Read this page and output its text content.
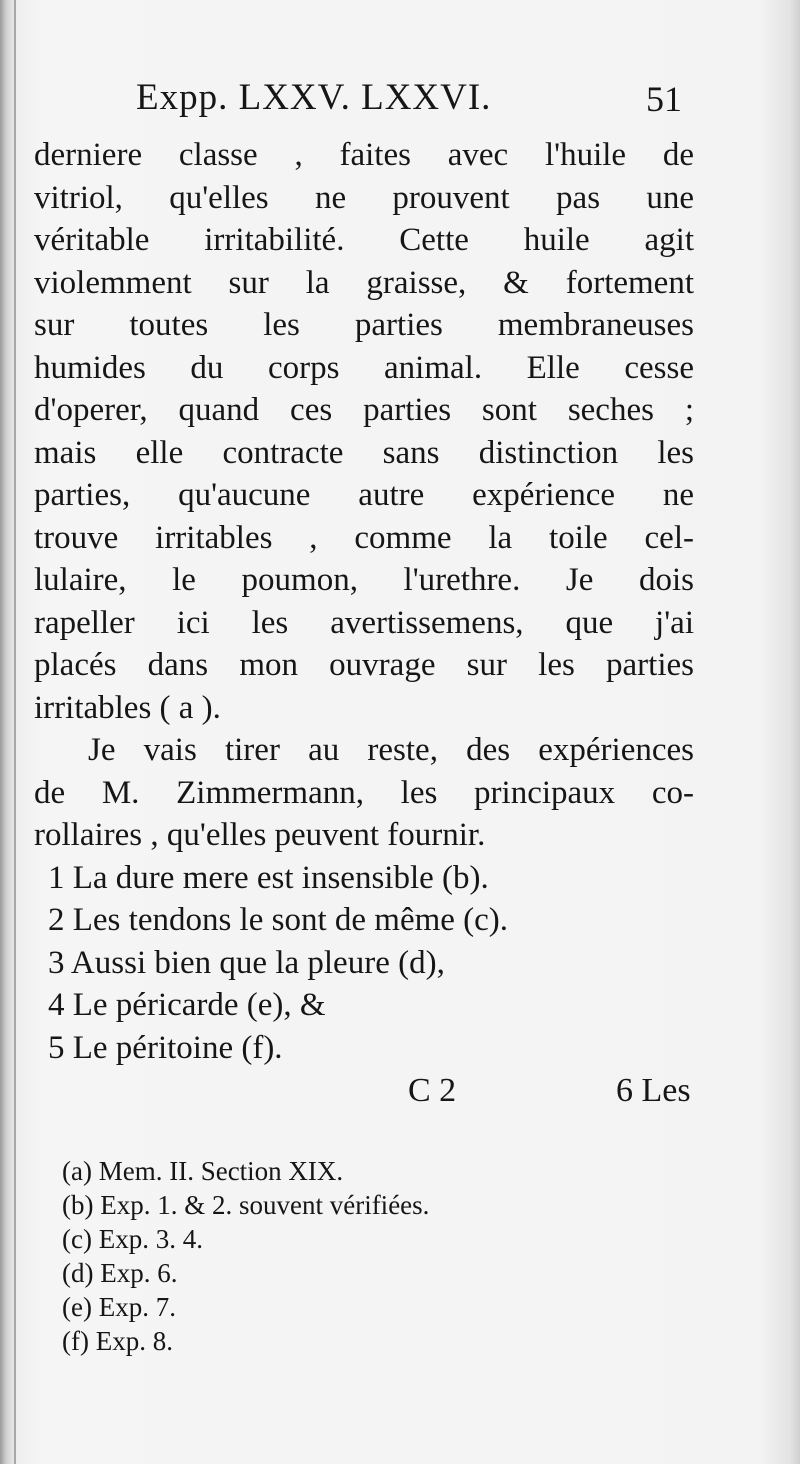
Expp. LXXV. LXXVI.	51
derniere classe , faites avec l'huile de
vitriol, qu'elles ne prouvent pas une
véritable irritabilité. Cette huile agit
violemment sur la graisse, & fortement
sur toutes les parties membraneuses
humides du corps animal. Elle cesse
d'operer, quand ces parties sont seches ;
mais elle contracte sans distinction les
parties, qu'aucune autre expérience ne
trouve irritables , comme la toile cel-
lulaire, le poumon, l'urethre. Je dois
rapeller ici les avertissemens, que j'ai
placés dans mon ouvrage sur les parties
irritables ( a ).
Je vais tirer au reste, des expériences
de M. Zimmermann, les principaux co-
rollaires , qu'elles peuvent fournir.
1 La dure mere est insensible (b).
2 Les tendons le sont de même (c).
3 Aussi bien que la pleure (d),
4 Le péricarde (e), &
5 Le péritoine (f).
C 2	6 Les
(a) Mem. II. Section XIX.
(b) Exp. 1. & 2. souvent vérifiées.
(c) Exp. 3. 4.
(d) Exp. 6.
(e) Exp. 7.
(f) Exp. 8.
